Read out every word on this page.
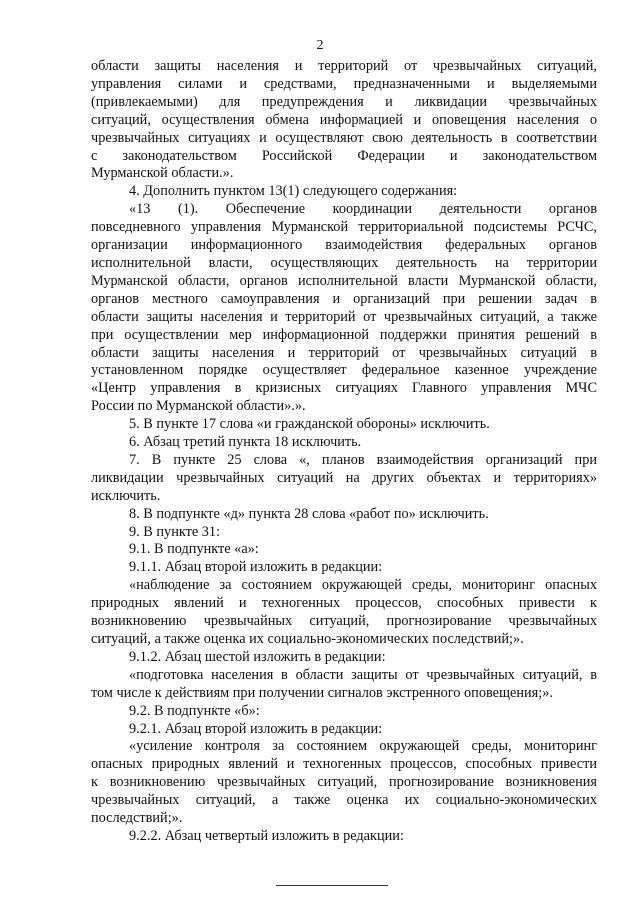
2
области защиты населения и территорий от чрезвычайных ситуаций,
управления силами и средствами, предназначенными и выделяемыми
(привлекаемыми) для предупреждения и ликвидации чрезвычайных
ситуаций, осуществления обмена информацией и оповещения населения о
чрезвычайных ситуациях и осуществляют свою деятельность в соответствии
с законодательством Российской Федерации и законодательством
Мурманской области.».
4. Дополнить пунктом 13(1) следующего содержания:
«13 (1). Обеспечение координации деятельности органов
повседневного управления Мурманской территориальной подсистемы РСЧС,
организации информационного взаимодействия федеральных органов
исполнительной власти, осуществляющих деятельность на территории
Мурманской области, органов исполнительной власти Мурманской области,
органов местного самоуправления и организаций при решении задач в
области защиты населения и территорий от чрезвычайных ситуаций, а также
при осуществлении мер информационной поддержки принятия решений в
области защиты населения и территорий от чрезвычайных ситуаций в
установленном порядке осуществляет федеральное казенное учреждение
«Центр управления в кризисных ситуациях Главного управления МЧС
России по Мурманской области».».
5. В пункте 17 слова «и гражданской обороны» исключить.
6. Абзац третий пункта 18 исключить.
7. В пункте 25 слова «, планов взаимодействия организаций при
ликвидации чрезвычайных ситуаций на других объектах и территориях»
исключить.
8. В подпункте «д» пункта 28 слова «работ по» исключить.
9. В пункте 31:
9.1. В подпункте «а»:
9.1.1. Абзац второй изложить в редакции:
«наблюдение за состоянием окружающей среды, мониторинг опасных
природных явлений и техногенных процессов, способных привести к
возникновению чрезвычайных ситуаций, прогнозирование чрезвычайных
ситуаций, а также оценка их социально-экономических последствий;».
9.1.2. Абзац шестой изложить в редакции:
«подготовка населения в области защиты от чрезвычайных ситуаций, в
том числе к действиям при получении сигналов экстренного оповещения;».
9.2. В подпункте «б»:
9.2.1. Абзац второй изложить в редакции:
«усиление контроля за состоянием окружающей среды, мониторинг
опасных природных явлений и техногенных процессов, способных привести
к возникновению чрезвычайных ситуаций, прогнозирование возникновения
чрезвычайных ситуаций, а также оценка их социально-экономических
последствий;».
9.2.2. Абзац четвертый изложить в редакции:
